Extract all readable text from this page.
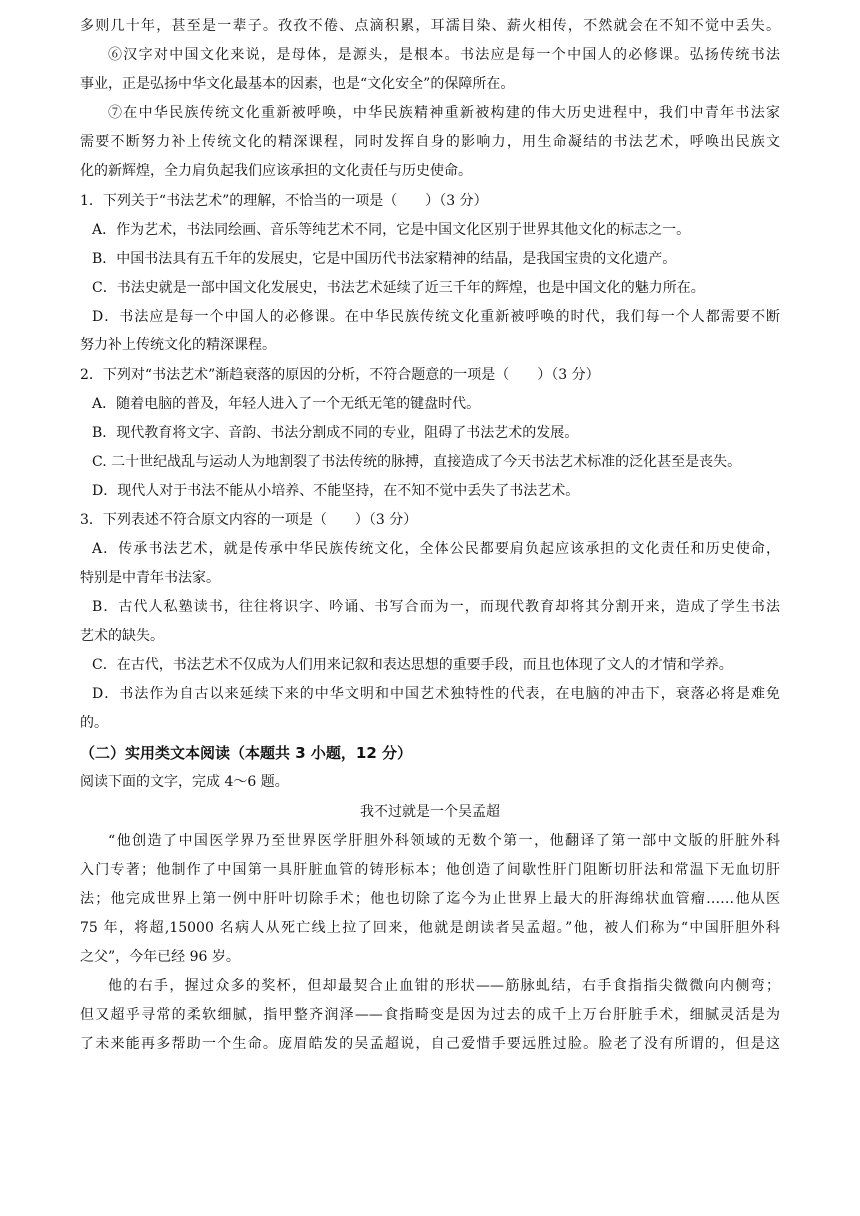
多则几十年，甚至是一辈子。孜孜不倦、点滴积累，耳濡目染、薪火相传，不然就会在不知不觉中丢失。
⑥汉字对中国文化来说，是母体，是源头，是根本。书法应是每一个中国人的必修课。弘扬传统书法
事业，正是弘扬中华文化最基本的因素，也是“文化安全”的保障所在。
⑦在中华民族传统文化重新被呼唤，中华民族精神重新被构建的伟大历史进程中，我们中青年书法家
需要不断努力补上传统文化的精深课程，同时发挥自身的影响力，用生命凝结的书法艺术，呼唤出民族文
化的新辉煌，全力肩负起我们应该承担的文化责任与历史使命。
1．下列关于“书法艺术”的理解，不恰当的一项是（　　）（3 分）
A．作为艺术，书法同绘画、音乐等纯艺术不同，它是中国文化区别于世界其他文化的标志之一。
B．中国书法具有五千年的发展史，它是中国历代书法家精神的结晶，是我国宝贵的文化遗产。
C．书法史就是一部中国文化发展史，书法艺术延续了近三千年的辉煌，也是中国文化的魅力所在。
D．书法应是每一个中国人的必修课。在中华民族传统文化重新被呼唤的时代，我们每一个人都需要不断
努力补上传统文化的精深课程。
2．下列对“书法艺术”渐趋衰落的原因的分析，不符合题意的一项是（　　）（3 分）
A．随着电脑的普及，年轻人进入了一个无纸无笔的键盘时代。
B．现代教育将文字、音韵、书法分割成不同的专业，阻碍了书法艺术的发展。
C. 二十世纪战乱与运动人为地割裂了书法传统的脉搏，直接造成了今天书法艺术标准的泛化甚至是丧失。
D．现代人对于书法不能从小培养、不能坚持，在不知不觉中丢失了书法艺术。
3．下列表述不符合原文内容的一项是（　　）（3 分）
A．传承书法艺术，就是传承中华民族传统文化，全体公民都要肩负起应该承担的文化责任和历史使命，
特别是中青年书法家。
B．古代人私塾读书，往往将识字、吟诵、书写合而为一，而现代教育却将其分割开来，造成了学生书法
艺术的缺失。
C．在古代，书法艺术不仅成为人们用来记叙和表达思想的重要手段，而且也体现了文人的才情和学养。
D．书法作为自古以来延续下来的中华文明和中国艺术独特性的代表，在电脑的冲击下，衰落必将是难免
的。
（二）实用类文本阅读（本题共 3 小题，12 分）
阅读下面的文字，完成 4～6 题。
我不过就是一个吴孟超
“他创造了中国医学界乃至世界医学肝胆外科领域的无数个第一，他翻译了第一部中文版的肝脏外科
入门专著；他制作了中国第一具肝脏血管的铸形标本；他创造了间歇性肝门阻断切肝法和常温下无血切肝
法；他完成世界上第一例中肝叶切除手术；他也切除了迄今为止世界上最大的肝海绵状血管瘤……他从医
75 年，将超,15000 名病人从死亡线上拉了回来，他就是朗读者吴孟超。”他，被人们称为“中国肝胆外科
之父”，今年已经 96 岁。
他的右手，握过众多的奖杯，但却最契合止血钳的形状——筋脉虬结，右手食指指尖微微向内侧弯；
但又超乎寻常的柔软细腻，指甲整齐润泽——食指畸变是因为过去的成千上万台肝脏手术，细腻灵活是为
了未来能再多帮助一个生命。庞眉皓发的吴孟超说，自己爱惜手要远胜过脸。脸老了没有所谓的，但是这
